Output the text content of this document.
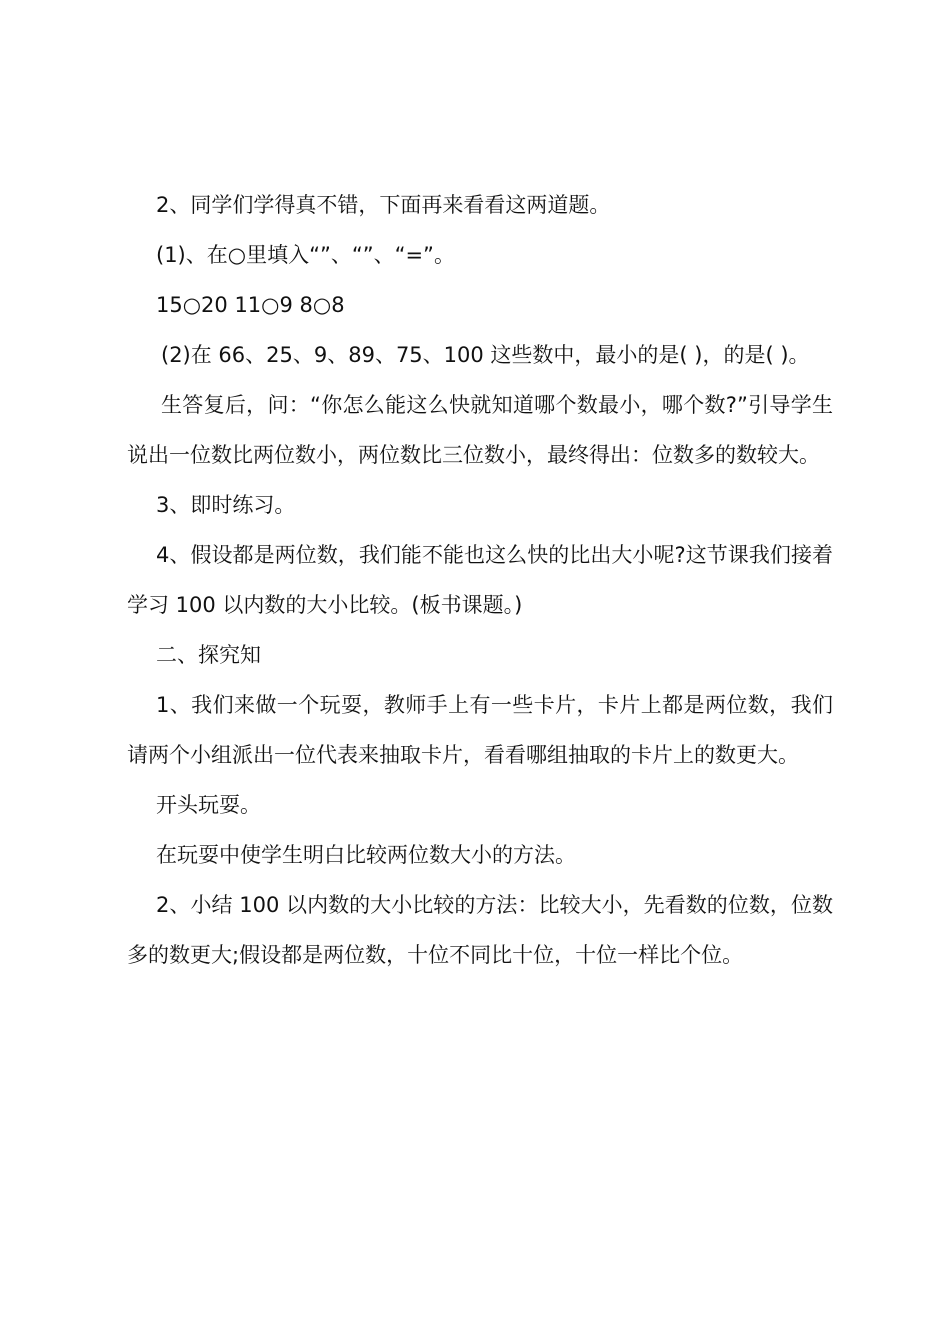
2、同学们学得真不错，下面再来看看这两道题。

(1)、在○里填入“”、“”、“=”。

15○20 11○9 8○8

(2)在 66、25、9、89、75、100 这些数中，最小的是( )，的是( )。

生答复后，问：“你怎么能这么快就知道哪个数最小，哪个数?”引导学生说出一位数比两位数小，两位数比三位数小，最终得出：位数多的数较大。

3、即时练习。

4、假设都是两位数，我们能不能也这么快的比出大小呢?这节课我们接着学习 100 以内数的大小比较。(板书课题。)

二、探究知

1、我们来做一个玩耍，教师手上有一些卡片，卡片上都是两位数，我们请两个小组派出一位代表来抽取卡片，看看哪组抽取的卡片上的数更大。

开头玩耍。

在玩耍中使学生明白比较两位数大小的方法。

2、小结 100 以内数的大小比较的方法：比较大小，先看数的位数，位数多的数更大;假设都是两位数，十位不同比十位，十位一样比个位。
